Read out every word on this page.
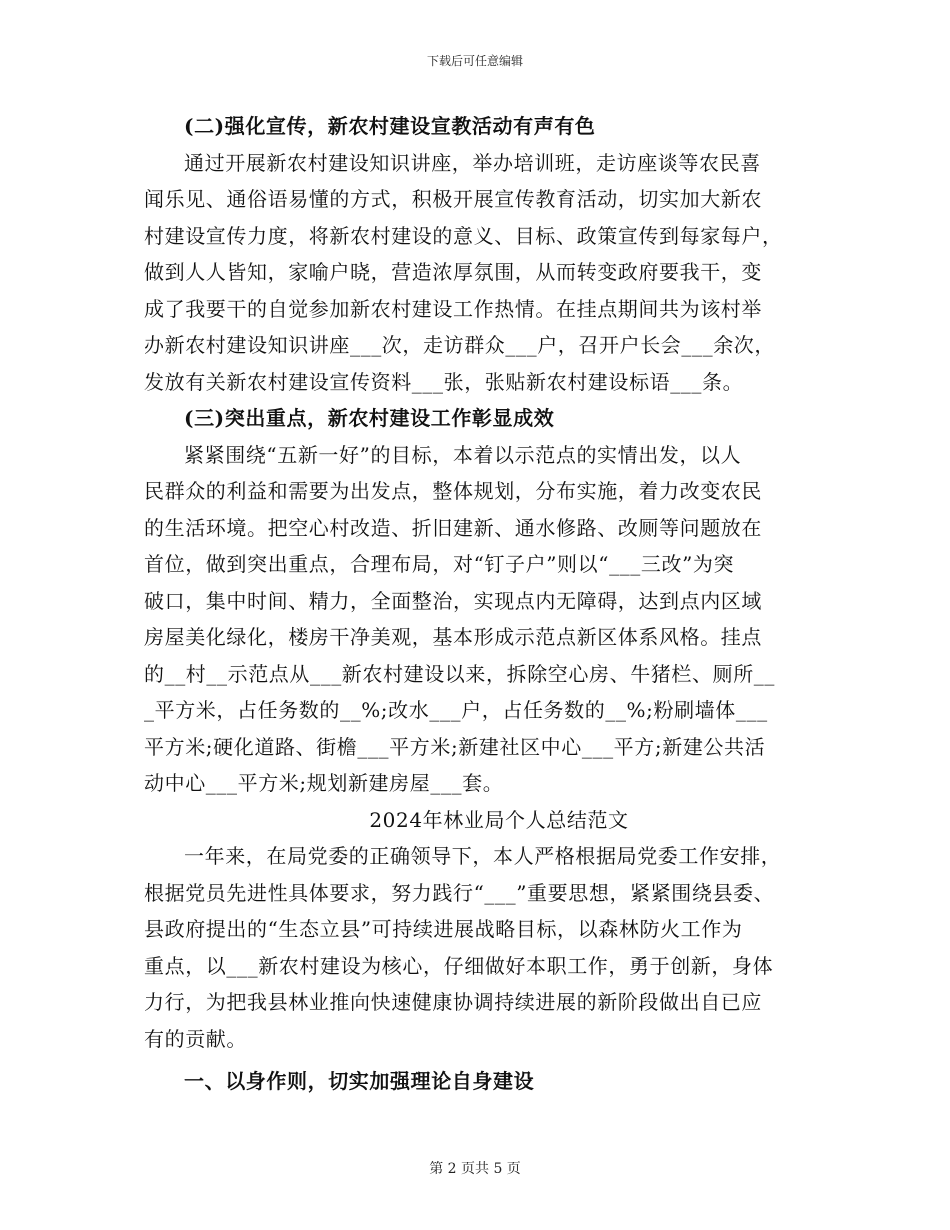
下载后可任意编辑
(二)强化宣传，新农村建设宣教活动有声有色
通过开展新农村建设知识讲座，举办培训班，走访座谈等农民喜
闻乐见、通俗语易懂的方式，积极开展宣传教育活动，切实加大新农
村建设宣传力度，将新农村建设的意义、目标、政策宣传到每家每户，
做到人人皆知，家喻户晓，营造浓厚氛围，从而转变政府要我干，变
成了我要干的自觉参加新农村建设工作热情。在挂点期间共为该村举
办新农村建设知识讲座___次，走访群众___户，召开户长会___余次，
发放有关新农村建设宣传资料___张，张贴新农村建设标语___条。
(三)突出重点，新农村建设工作彰显成效
紧紧围绕“五新一好”的目标，本着以示范点的实情出发，以人
民群众的利益和需要为出发点，整体规划，分布实施，着力改变农民
的生活环境。把空心村改造、折旧建新、通水修路、改厕等问题放在
首位，做到突出重点，合理布局，对“钉子户”则以“___三改”为突
破口，集中时间、精力，全面整治，实现点内无障碍，达到点内区域
房屋美化绿化，楼房干净美观，基本形成示范点新区体系风格。挂点
的__村__示范点从___新农村建设以来，拆除空心房、牛猪栏、厕所__
_平方米，占任务数的__%;改水___户，占任务数的__%;粉刷墙体___
平方米;硬化道路、街檐___平方米;新建社区中心___平方;新建公共活
动中心___平方米;规划新建房屋___套。
2024年林业局个人总结范文
一年来，在局党委的正确领导下，本人严格根据局党委工作安排，
根据党员先进性具体要求，努力践行“___”重要思想，紧紧围绕县委、
县政府提出的“生态立县”可持续进展战略目标，以森林防火工作为
重点，以___新农村建设为核心，仔细做好本职工作，勇于创新，身体
力行，为把我县林业推向快速健康协调持续进展的新阶段做出自已应
有的贡献。
一、以身作则，切实加强理论自身建设
第 2 页共 5 页
